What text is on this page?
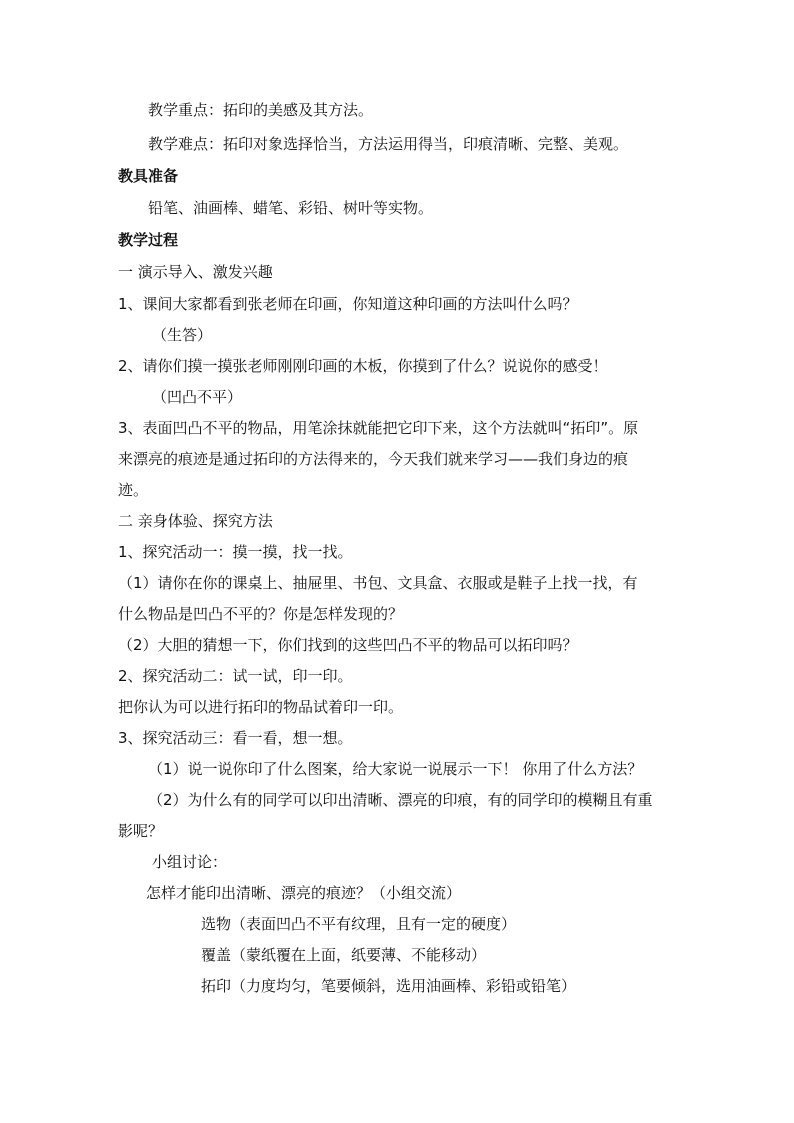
教学重点：拓印的美感及其方法。
教学难点：拓印对象选择恰当，方法运用得当，印痕清晰、完整、美观。
教具准备
铅笔、油画棒、蜡笔、彩铅、树叶等实物。
教学过程
一 演示导入、激发兴趣
1、课间大家都看到张老师在印画，你知道这种印画的方法叫什么吗？
（生答）
2、请你们摸一摸张老师刚刚印画的木板，你摸到了什么？说说你的感受！
（凹凸不平）
3、表面凹凸不平的物品，用笔涂抹就能把它印下来，这个方法就叫“拓印”。原
来漂亮的痕迹是通过拓印的方法得来的，今天我们就来学习——我们身边的痕
迹。
二 亲身体验、探究方法
1、探究活动一：摸一摸，找一找。
（1）请你在你的课桌上、抽屉里、书包、文具盒、衣服或是鞋子上找一找，有
什么物品是凹凸不平的？你是怎样发现的？
（2）大胆的猜想一下，你们找到的这些凹凸不平的物品可以拓印吗？
2、探究活动二：试一试，印一印。
把你认为可以进行拓印的物品试着印一印。
3、探究活动三：看一看，想一想。
（1）说一说你印了什么图案，给大家说一说展示一下！ 你用了什么方法？
（2）为什么有的同学可以印出清晰、漂亮的印痕，有的同学印的模糊且有重
影呢？
小组讨论：
怎样才能印出清晰、漂亮的痕迹？（小组交流）
选物（表面凹凸不平有纹理，且有一定的硬度）
覆盖（蒙纸覆在上面，纸要薄、不能移动）
拓印（力度均匀，笔要倾斜，选用油画棒、彩铅或铅笔）
